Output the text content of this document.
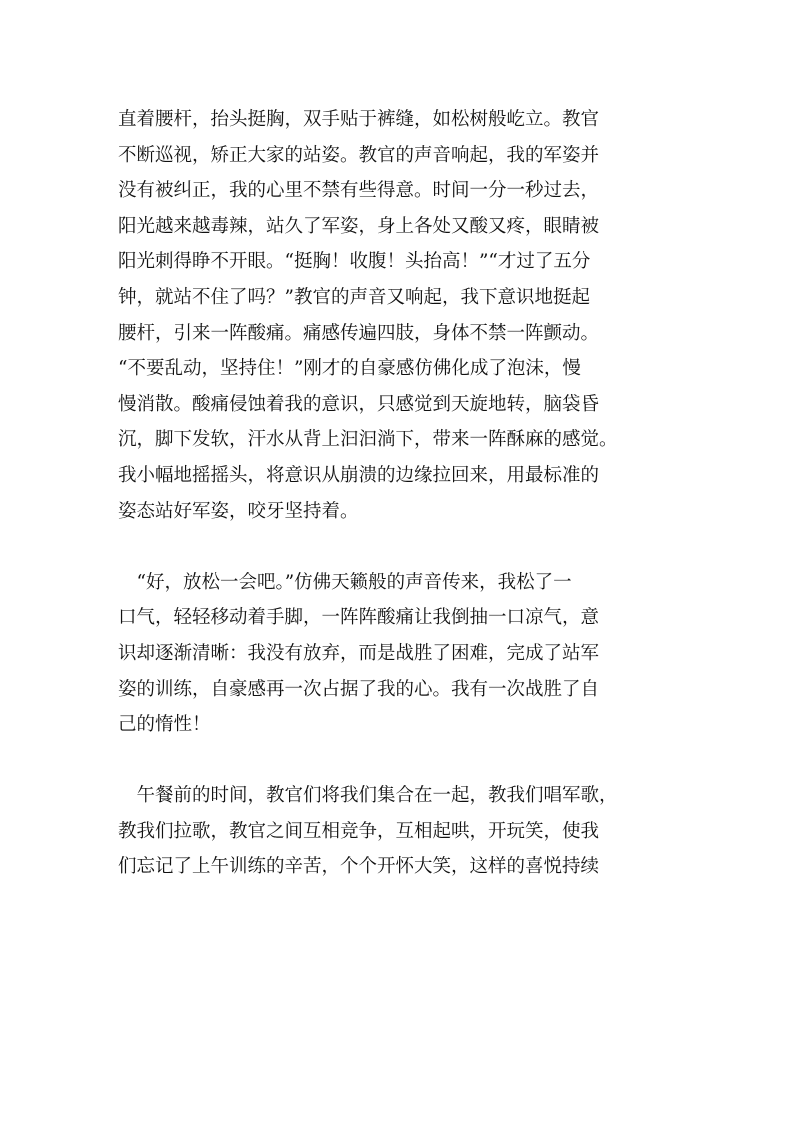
直着腰杆，抬头挺胸，双手贴于裤缝，如松树般屹立。教官
不断巡视，矫正大家的站姿。教官的声音响起，我的军姿并
没有被纠正，我的心里不禁有些得意。时间一分一秒过去，
阳光越来越毒辣，站久了军姿，身上各处又酸又疼，眼睛被
阳光刺得睁不开眼。“挺胸！收腹！头抬高！”“才过了五分
钟，就站不住了吗？”教官的声音又响起，我下意识地挺起
腰杆，引来一阵酸痛。痛感传遍四肢，身体不禁一阵颤动。
“不要乱动，坚持住！”刚才的自豪感仿佛化成了泡沫，慢
慢消散。酸痛侵蚀着我的意识，只感觉到天旋地转，脑袋昏
沉，脚下发软，汗水从背上汩汩淌下，带来一阵酥麻的感觉。
我小幅地摇摇头，将意识从崩溃的边缘拉回来，用最标准的
姿态站好军姿，咬牙坚持着。
　“好，放松一会吧。”仿佛天籁般的声音传来，我松了一
口气，轻轻移动着手脚，一阵阵酸痛让我倒抽一口凉气，意
识却逐渐清晰：我没有放弃，而是战胜了困难，完成了站军
姿的训练，自豪感再一次占据了我的心。我有一次战胜了自
己的惰性！
　午餐前的时间，教官们将我们集合在一起，教我们唱军歌，
教我们拉歌，教官之间互相竞争，互相起哄，开玩笑，使我
们忘记了上午训练的辛苦，个个开怀大笑，这样的喜悦持续
